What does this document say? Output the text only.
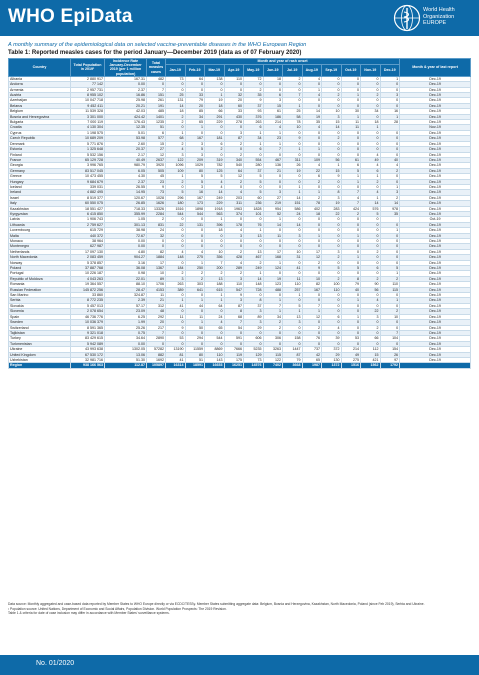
WHO EpiData	World Health
Organization
EUROPE
A monthly summary of the epidemiological data on selected vaccine-preventable diseases in the WHO European Region
Table 1: Reported measles cases for the period January—December 2019 (data as of 07 February 2020)
Country	Total Population in 2019¹	Incidence Rate January-December 2019 (per 1 million population)	Total measles cases	Month and year of rash onset												Month & year of last report
				Jan-19	Feb-19	Mar-19	Apr-19	May-19	Jun-19	Jul-19	Aug-19	Sep-19	Oct-19	Nov-19	Dec-19	
Albania	2 880 917	167.31	482	73	64	138	110	72	18	2	4	0	0	0	1	Dec-19
Andorra	77 142	0.00	0	0	0	0	0	0	0	0	0	0	0	0	0	Dec-19
Armenia	2 957 731	2.37	7	0	0	0	0	2	0	0	1	0	0	0	0	Dec-19
Austria	8 955 102	16.86	151	25	33	1	32	35	6	7	4	2	1	2	3	Dec-19
Azerbaijan	10 047 718	25.98	261	131	79	19	20	9	3	0	0	0	0	0	0	Dec-19
Belarus	9 452 411	20.21	191	14	20	18	60	37	15	1	0	0	0	0	0	Dec-19
Belgium	11 539 328	42.03	485	18	85	66	33	93	61	25	14	10	30	34	16	Dec-19
Bosnia and Herzegovina	3 301 000	424.42	1401	2	34	291	430	376	186	58	19	3	1	0	1	Dec-19
Bulgaria	7 000 119	176.43	1235	2	65	229	278	263	214	78	35	15	11	18	28	Dec-19
Croatia	4 130 304	12.35	51	0	1	0	0	6	4	10	4	14	11	1		Nov-19
Cyprus	1 198 575	5.01	6	1	0	0	3	1	1	0	0	0	0	0	0	Dec-19
Czech Republic	10 689 209	53.98	577	68	167	181	87	34	23	9	0	2	0	0	0	Dec-19
Denmark	5 771 876	2.60	15	2	3	6	2	1	1	0	0	0	0	0	0	Dec-19
Estonia	1 325 648	20.37	27	4	5	2	0	6	7	1	1	0	0	0	0	Dec-19
Finland	5 532 156	2.17	12	3	3	0	2	0	0	0	0	0	0	4	0	Dec-19
France	65 129 728	40.49	2637	122	209	319	340	554	467	311	109	56	61	49	40	Dec-19
Georgia	3 996 765	980.79	3920	1096	1029	782	540	280	136	26	4	1	6	4	4	Dec-19
Germany	83 517 045	6.05	505	109	80	125	64	37	21	19	22	15	5	6	2	Dec-19
Greece	10 473 455	4.30	45	1	5	5	12	5	0	0	6	9	1	1	0	Dec-19
Hungary	9 684 679	2.37	23	2	5	4	2	5	0	0	2	0	1	2	0	Dec-19
Iceland	339 031	26.55	9	0	3	4	0	0	0	1	0	0	0	0	1	Dec-19
Ireland	4 882 495	14.95	73	5	16	14	4	5	3	1	1	8	7	4	3	Dec-19
Israel	8 519 377	120.67	1028	296	167	249	203	60	27	14	2	3	4	1	2	Dec-19
Italy	60 550 075	26.85	1626	180	173	229	311	236	219	151	78	19	7	14	14	Dec-19
Kazakhstan	18 551 427	718.33	13326	1516	1898	1918	1963	1828	954	586	402	283	424	576	978	Dec-19
Kyrgyzstan	6 415 850	355.99	2284	544	544	563	374	101	52	24	18	22	2	5	35	Dec-19
Latvia	1 906 743	1.05	2	0	0	1	0	0	1	0	0	0	0	0		Oct-19
Lithuania	2 759 627	301.13	831	22	131	396	178	76	14	14	0	0	0	0	0	Dec-19
Luxembourg	615 729	38.98	24	0	0	18	4	1	0	0	0	0	0	0	1	Dec-19
Malta	440 372	72.67	32	0	0	0	3	13	11	3	1	0	1	0	0	Dec-19
Monaco	38 964	0.00	0	0	0	0	0	0	0	0	0	0	0	0	0	Dec-19
Montenegro	627 987	0.00	0	0	0	0	0	0	0	0	0	0	0	0	0	Dec-19
Netherlands	17 097 130	4.80	82	4	4	10	2	13	17	10	17	3	0	2	0	Dec-19
North Macedonia	2 083 459	904.27	1884	148	275	356	428	467	168	31	12	2	1	0	0	Dec-19
Norway	5 378 857	3.16	17	0	1	7	4	2	1	0	2	0	0	0	0	Dec-19
Poland	37 887 768	36.08	1367	184	250	200	289	249	124	41	9	5	5	6	5	Dec-19
Portugal	10 226 187	0.98	10	2	2	2	2	1	0	0	0	0	0	0	1	Dec-19
Republic of Moldova	4 043 263	22.01	89	3	2	13	3	14	19	11	10	2	8	2	2	Dec-19
Romania	19 364 557	88.10	1706	263	303	188	110	148	123	110	82	100	79	90	110	Dec-19
Russian Federation	145 872 256	28.47	4153	389	641	615	547	728	488	257	167	110	40	56	115	Dec-19
San Marino	33 860	324.87	11	0	0	1	9	0	0	1	0	0	0	0	0	Dec-19
Serbia	8 772 235	2.39	21	1	1	1	3	8	1	0	0	0	1	4	1	Dec-19
Slovakia	5 457 013	57.17	312	41	44	64	87	37	7	5	7	0	0	0	0	Dec-19
Slovenia	2 078 654	23.09	48	0	0	0	8	3	1	1	1	0	0	22	2	Dec-19
Spain	46 736 776	6.25	292	11	11	24	68	89	34	13	12	6	1	3	10	Dec-19
Sweden	10 036 379	1.99	20	0	1	4	7	3	2	3	0	0	0	0	0	Dec-19
Switzerland	8 591 365	25.26	217	9	50	65	54	29	2	0	2	4	0	2	0	Dec-19
Tajikistan	9 321 018	0.75	7	0	0	0	0	0	0	0	0	0	0	0	7	Dec-19
Turkey	83 429 615	34.64	2890	53	294	544	591	606	306	158	76	39	53	66	104	Dec-19
Turkmenistan	5 942 089	0.00	0	0	0	0	0	0	0	0	0	0	0	0	0	Dec-19
Ukraine	43 993 638	1302.05	57282	13190	11559	8869	7666	5235	3263	1447	737	372	214	112	154	Dec-19
United Kingdom	67 530 172	13.06	882	81	80	110	119	129	115	87	42	29	49	15	26	Dec-19
Uzbekistan	32 981 716	51.30	1692	41	51	143	175	73	122	79	65	130	275	421	97	Dec-19
Region	938 166 563	112.87	105897	16314	18591	16653	16251	14576	7402	3668	1987	1372	1516	1562	1792	
Data source: Monthly aggregated and case-based data reported by Member States to WHO Europe directly or via ECDC/TESSy. Member States submitting aggregate data: Belgium, Bosnia and Herzegovina, Kazakhstan, North Macedonia, Poland (since Feb 2019), Serbia and Ukraine.
¹ Population source: United Nations, Department of Economic and Social Affairs, Population Division. World Population Prospects: The 2019 Revision.
Table 1 & criteria for date of case inclusion may differ in accordance with Member States' surveillance systems.
No. 01/2020
